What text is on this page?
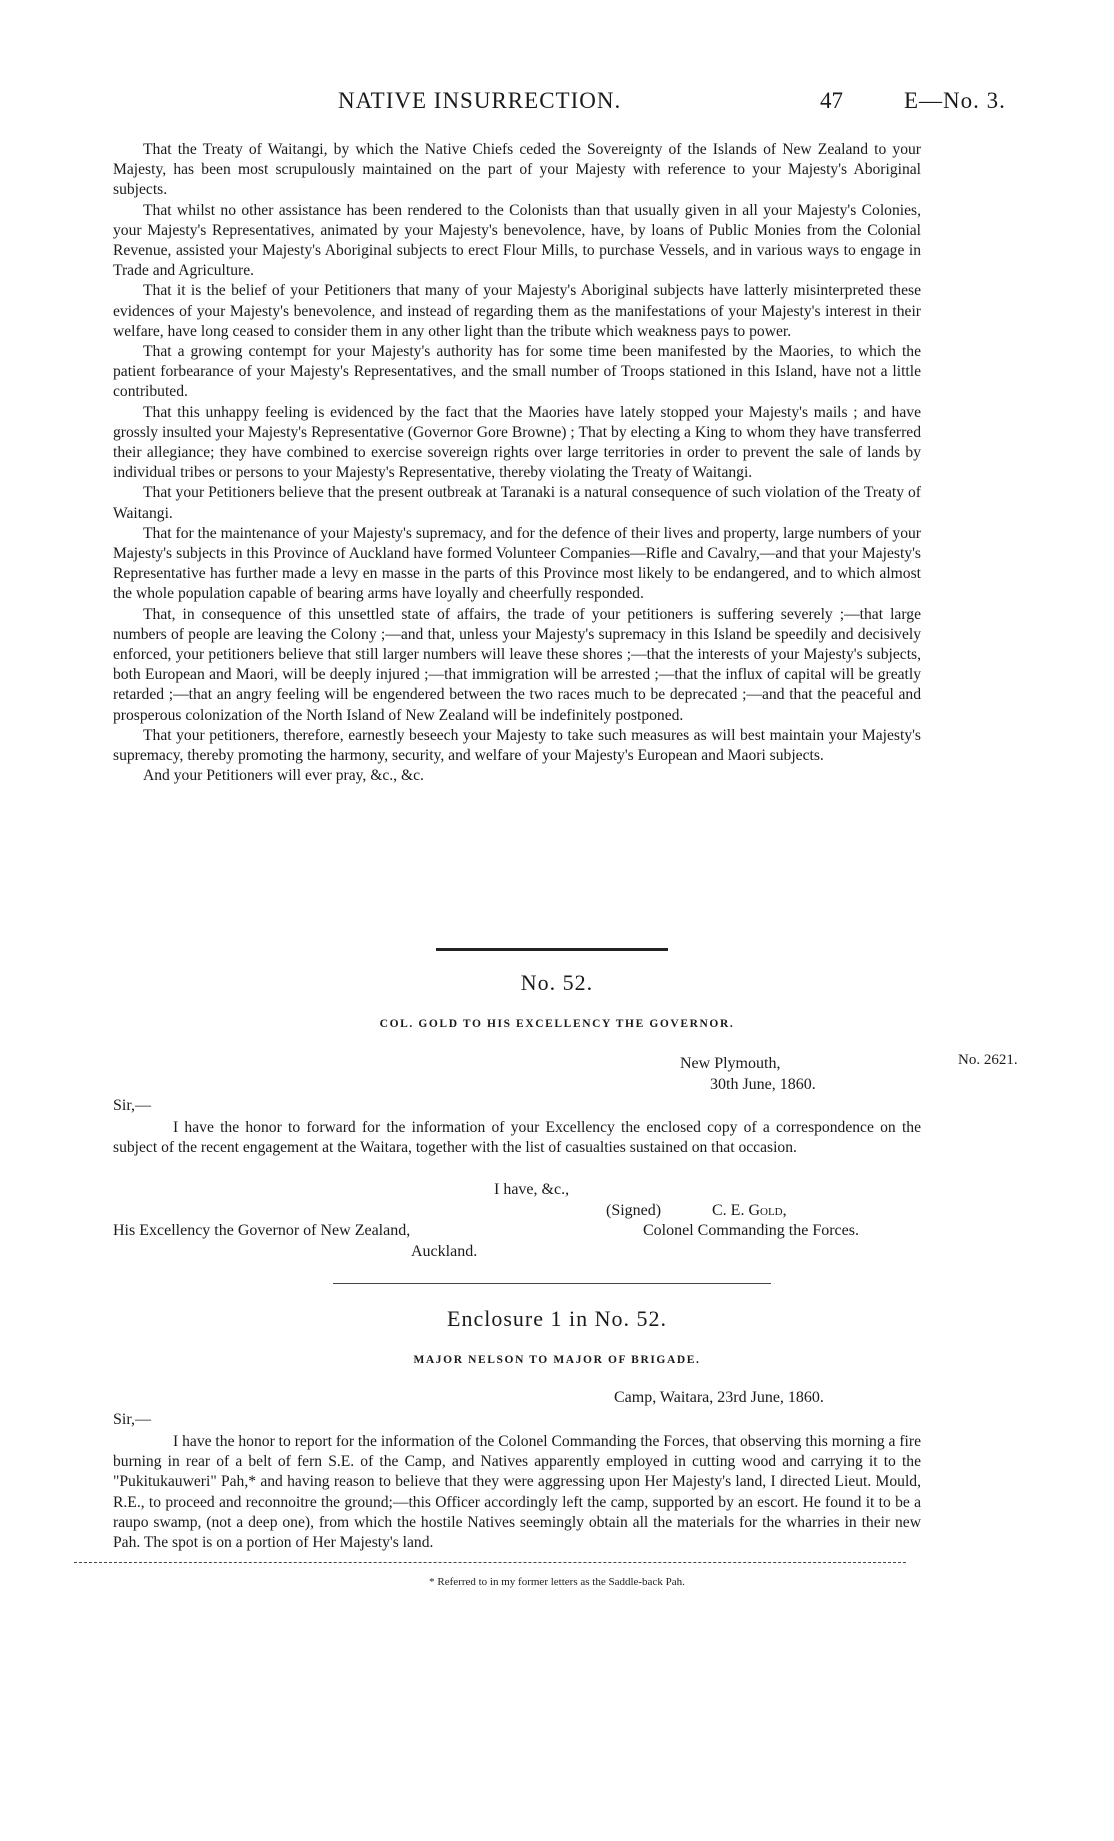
NATIVE INSURRECTION.	47	E—No. 3.

That the Treaty of Waitangi, by which the Native Chiefs ceded the Sovereignty of the Islands of New Zealand to your Majesty, has been most scrupulously maintained on the part of your Majesty with reference to your Majesty's Aboriginal subjects.

That whilst no other assistance has been rendered to the Colonists than that usually given in all your Majesty's Colonies, your Majesty's Representatives, animated by your Majesty's benevolence, have, by loans of Public Monies from the Colonial Revenue, assisted your Majesty's Aboriginal subjects to erect Flour Mills, to purchase Vessels, and in various ways to engage in Trade and Agriculture.

That it is the belief of your Petitioners that many of your Majesty's Aboriginal subjects have latterly misinterpreted these evidences of your Majesty's benevolence, and instead of regarding them as the manifestations of your Majesty's interest in their welfare, have long ceased to consider them in any other light than the tribute which weakness pays to power.

That a growing contempt for your Majesty's authority has for some time been manifested by the Maories, to which the patient forbearance of your Majesty's Representatives, and the small number of Troops stationed in this Island, have not a little contributed.

That this unhappy feeling is evidenced by the fact that the Maories have lately stopped your Majesty's mails ; and have grossly insulted your Majesty's Representative (Governor Gore Browne) ; That by electing a King to whom they have transferred their allegiance; they have combined to exercise sovereign rights over large territories in order to prevent the sale of lands by individual tribes or persons to your Majesty's Representative, thereby violating the Treaty of Waitangi.

That your Petitioners believe that the present outbreak at Taranaki is a natural consequence of such violation of the Treaty of Waitangi.

That for the maintenance of your Majesty's supremacy, and for the defence of their lives and property, large numbers of your Majesty's subjects in this Province of Auckland have formed Volunteer Companies—Rifle and Cavalry,—and that your Majesty's Representative has further made a levy en masse in the parts of this Province most likely to be endangered, and to which almost the whole population capable of bearing arms have loyally and cheerfully responded.

That, in consequence of this unsettled state of affairs, the trade of your petitioners is suffering severely ;—that large numbers of people are leaving the Colony ;—and that, unless your Majesty's supremacy in this Island be speedily and decisively enforced, your petitioners believe that still larger numbers will leave these shores ;—that the interests of your Majesty's subjects, both European and Maori, will be deeply injured ;—that immigration will be arrested ;—that the influx of capital will be greatly retarded ;—that an angry feeling will be engendered between the two races much to be deprecated ;—and that the peaceful and prosperous colonization of the North Island of New Zealand will be indefinitely postponed.

That your petitioners, therefore, earnestly beseech your Majesty to take such measures as will best maintain your Majesty's supremacy, thereby promoting the harmony, security, and welfare of your Majesty's European and Maori subjects.

And your Petitioners will ever pray, &c., &c.

No. 52.
COL. GOLD TO HIS EXCELLENCY THE GOVERNOR.
No. 2621.
New Plymouth,
30th June, 1860.
Sir,—

I have the honor to forward for the information of your Excellency the enclosed copy of a correspondence on the subject of the recent engagement at the Waitara, together with the list of casualties sustained on that occasion.

I have, &c.,
(Signed)	C. E. Gold,
Colonel Commanding the Forces.
His Excellency the Governor of New Zealand,
Auckland.
Enclosure 1 in No. 52.
MAJOR NELSON TO MAJOR OF BRIGADE.
Camp, Waitara, 23rd June, 1860.
Sir,—

I have the honor to report for the information of the Colonel Commanding the Forces, that observing this morning a fire burning in rear of a belt of fern S.E. of the Camp, and Natives apparently employed in cutting wood and carrying it to the "Pukitukauweri" Pah,* and having reason to believe that they were aggressing upon Her Majesty's land, I directed Lieut. Mould, R.E., to proceed and reconnoitre the ground;—this Officer accordingly left the camp, supported by an escort. He found it to be a raupo swamp, (not a deep one), from which the hostile Natives seemingly obtain all the materials for the wharries in their new Pah. The spot is on a portion of Her Majesty's land.

* Referred to in my former letters as the Saddle-back Pah.
